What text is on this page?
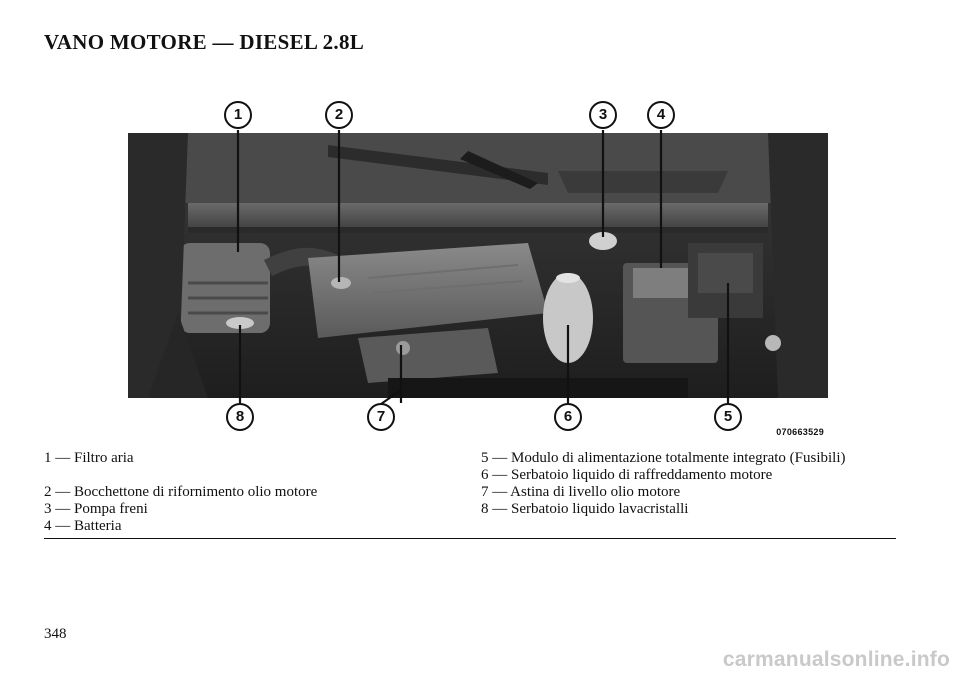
VANO MOTORE — DIESEL 2.8L
1	2	3	4
5
6
7
8
070663529
1 — Filtro aria
2 — Bocchettone di rifornimento olio motore
3 — Pompa freni
4 — Batteria
5 — Modulo di alimentazione totalmente integrato (Fusibili)
6 — Serbatoio liquido di raffreddamento motore
7 — Astina di livello olio motore
8 — Serbatoio liquido lavacristalli
348
carmanualsonline.info
